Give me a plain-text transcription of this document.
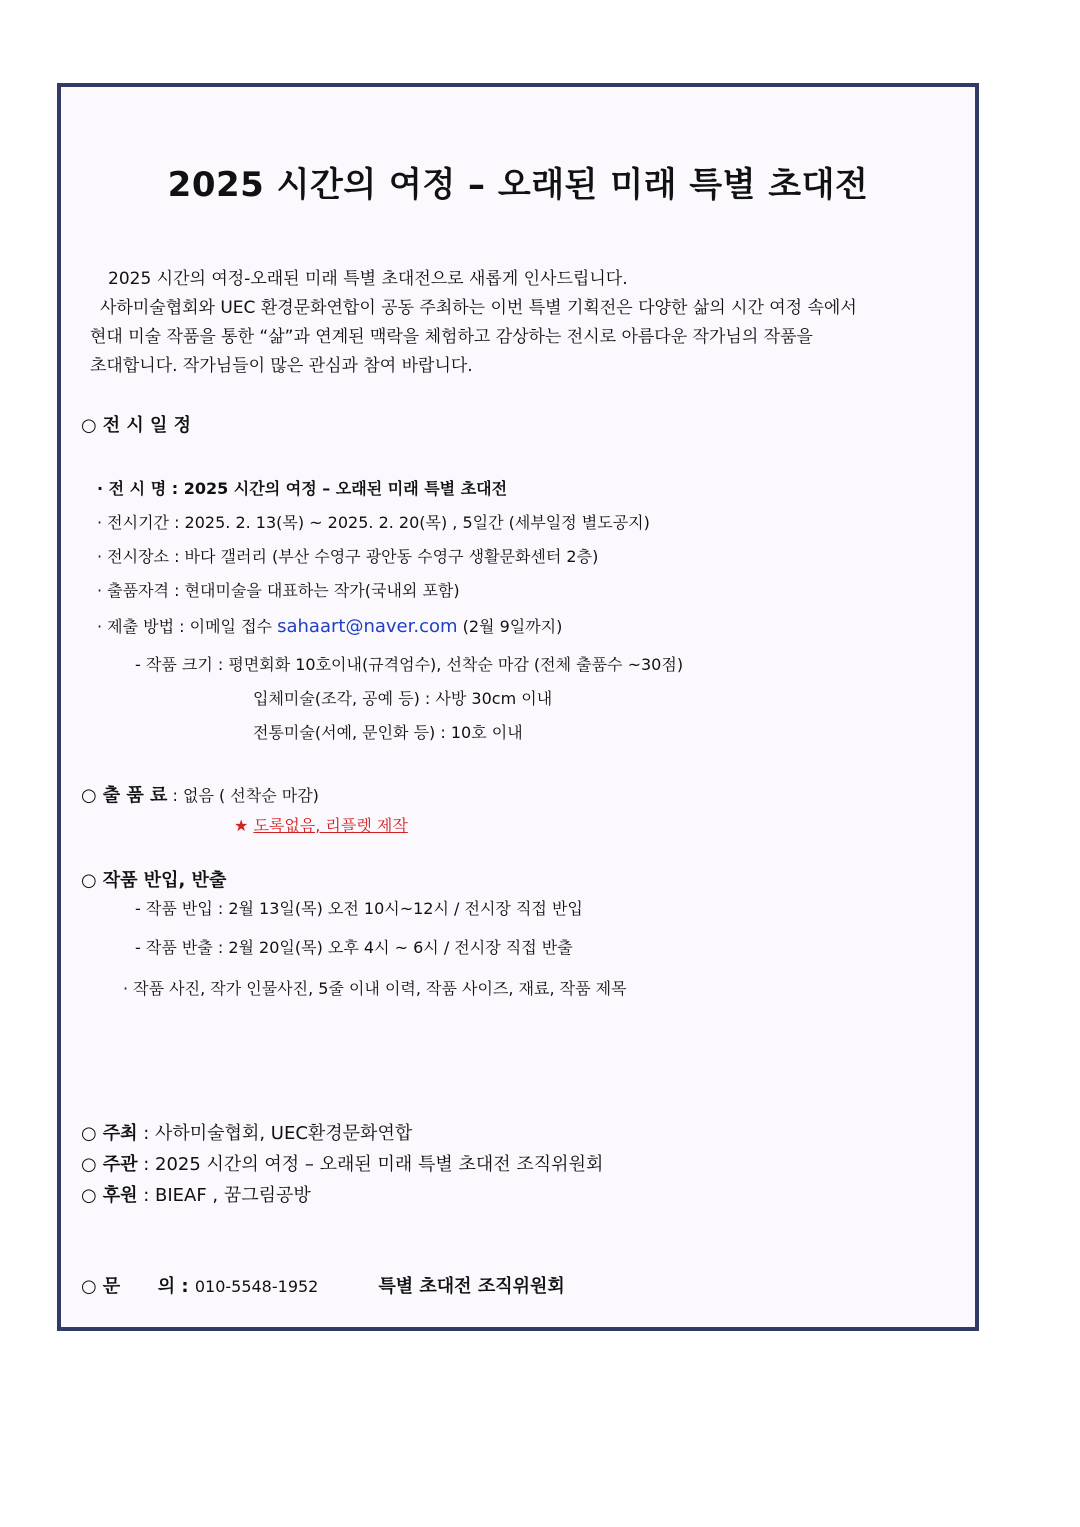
2025 시간의 여정 – 오래된 미래 특별 초대전
2025 시간의 여정-오래된 미래 특별 초대전으로 새롭게 인사드립니다.
사하미술협회와 UEC 환경문화연합이 공동 주최하는 이번 특별 기획전은 다양한 삶의 시간 여정 속에서
현대 미술 작품을 통한 “삶”과 연계된 맥락을 체험하고 감상하는 전시로 아름다운 작가님의 작품을
초대합니다. 작가님들이 많은 관심과 참여 바랍니다.
○ 전 시 일 정
· 전 시 명 : 2025 시간의 여정 – 오래된 미래 특별 초대전
· 전시기간 : 2025. 2. 13(목) ~ 2025. 2. 20(목) , 5일간 (세부일정 별도공지)
· 전시장소 : 바다 갤러리 (부산 수영구 광안동 수영구 생활문화센터 2층)
· 출품자격 : 현대미술을 대표하는 작가(국내외 포함)
· 제출 방법 : 이메일 접수 sahaart@naver.com (2월 9일까지)
- 작품 크기 : 평면회화 10호이내(규격엄수), 선착순 마감 (전체 출품수 ~30점)
입체미술(조각, 공예 등) : 사방 30cm 이내
전통미술(서예, 문인화 등) : 10호 이내
○ 출 품 료 : 없음 ( 선착순 마감)
★ 도록없음, 리플렛 제작
○ 작품 반입, 반출
- 작품 반입 : 2월 13일(목) 오전 10시~12시 / 전시장 직접 반입
- 작품 반출 : 2월 20일(목) 오후 4시 ~ 6시 / 전시장 직접 반출
· 작품 사진, 작가 인물사진, 5줄 이내 이력, 작품 사이즈, 재료, 작품 제목
○ 주최 : 사하미술협회, UEC환경문화연합
○ 주관 : 2025 시간의 여정 – 오래된 미래 특별 초대전 조직위원회
○ 후원 : BIEAF , 꿈그림공방
○ 문      의 : 010-5548-1952	특별 초대전 조직위원회
